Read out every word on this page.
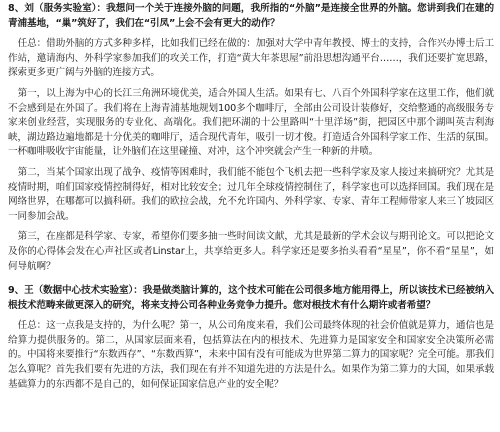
8、刘（服务实验室）：我想问一个关于连接外脑的问题，我所指的“外脑”是连接全世界的外脑。您讲到我们在建的青浦基地，“巢”筑好了，我们在“引凤”上会不会有更大的动作？

任总：借助外脑的方式多种多样，比如我们已经在做的：加强对大学中青年教授、博士的支持，合作兴办博士后工作站，邀请海内、外科学家参加我们的攻关工作，打造“黄大年茶思屋”前沿思想沟通平台……，我们还要扩宽思路，探索更多更广阔与外脑的连接方式。

第一，以上海为中心的长江三角洲环境优美，适合外国人生活。如果有七、八百个外国科学家在这里工作，他们就不会感到是在外国了。我们将在上海青浦基地规划100多个咖啡厅，全部由公司设计装修好，交给整通的高级服务专家来创业经营，实现服务的专业化、高端化。我们把环湖的十公里路叫“十里洋场”街，把园区中那个湖叫英吉利海峡，湖边路边遍地都是十分优美的咖啡厅，适合现代青年，吸引一切才俊。打造适合外国科学家工作、生活的氛围。一杯咖啡吸收宇宙能量，让外脑们在这里碰撞、对冲，这个冲突就会产生一种新的井喷。

第二，当某个国家出现了战争、疫情等困难时，我们能不能包个飞机去把一些科学家及家人接过来搞研究？尤其是疫情时期，咱们国家疫情控制得好，相对比较安全；过几年全球疫情控制住了，科学家也可以选择回国。我们现在是网络世界，在哪都可以搞科研。我们的欧拉会战，允不允许国内、外科学家、专家、青年工程师带家人来三丫坡园区一同参加会战。

第三，在座都是科学家、专家，希望你们要多抽一些时间读文献，尤其是最新的学术会议与期刊论文。可以把论文及你的心得体会发在心声社区或者Linstar上，共享给更多人。科学家还是要多抬头看看“星星”，你不看“星星”，如何导航啊？

9、王（数据中心技术实验室）：我是做类脑计算的，这个技术可能在公司很多地方能用得上，所以该技术已经被纳入根技术范畴来做更深入的研究，将来支持公司各种业务竞争力提升。您对根技术有什么期许或者希望？

任总：这一点我是支持的，为什么呢？第一，从公司角度来看，我们公司最终体现的社会价值就是算力，通信也是给算力提供服务的。第二，从国家层面来看，包括算法在内的根技术、先进算力是国家安全和国家安全决策所必需的。中国将来要推行“东数西存”、“东数西算”，未来中国有没有可能成为世界第二算力的国家呢？完全可能。那我们怎么算呢？首先我们要有先进的方法，我们现在有并不知道先进的方法是什么。如果作为第二算力的大国，如果承载基础算力的东西都不是自己的，如何保证国家信息产业的安全呢？
